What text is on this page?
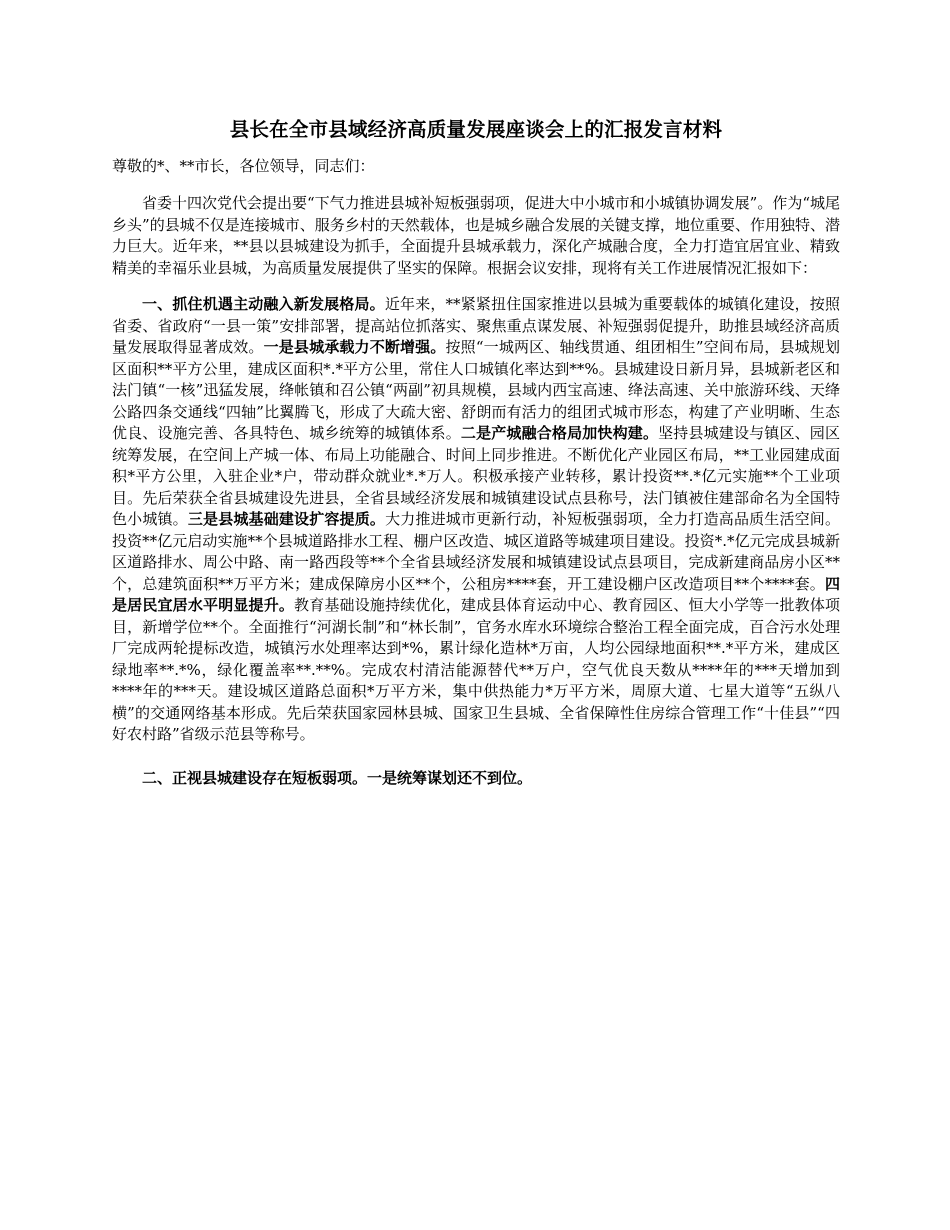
县长在全市县域经济高质量发展座谈会上的汇报发言材料

尊敬的*、**市长，各位领导，同志们：

省委十四次党代会提出要“下气力推进县城补短板强弱项，促进大中小城市和小城镇协调发展”。作为“城尾乡头”的县城不仅是连接城市、服务乡村的天然载体，也是城乡融合发展的关键支撑，地位重要、作用独特、潜力巨大。近年来，**县以县城建设为抓手，全面提升县城承载力，深化产城融合度，全力打造宜居宜业、精致精美的幸福乐业县城，为高质量发展提供了坚实的保障。根据会议安排，现将有关工作进展情况汇报如下：

一、抓住机遇主动融入新发展格局。近年来，**紧紧扭住国家推进以县城为重要载体的城镇化建设，按照省委、省政府“一县一策”安排部署，提高站位抓落实、聚焦重点谋发展、补短强弱促提升，助推县域经济高质量发展取得显著成效。一是县城承载力不断增强。按照“一城两区、轴线贯通、组团相生”空间布局，县城规划区面积**平方公里，建成区面积*.*平方公里，常住人口城镇化率达到**%。县城建设日新月异，县城新老区和法门镇“一核”迅猛发展，绛帐镇和召公镇“两副”初具规模，县域内西宝高速、绛法高速、关中旅游环线、天绛公路四条交通线“四轴”比翼腾飞，形成了大疏大密、舒朗而有活力的组团式城市形态，构建了产业明晰、生态优良、设施完善、各具特色、城乡统筹的城镇体系。二是产城融合格局加快构建。坚持县城建设与镇区、园区统筹发展，在空间上产城一体、布局上功能融合、时间上同步推进。不断优化产业园区布局，**工业园建成面积*平方公里，入驻企业*户，带动群众就业*.*万人。积极承接产业转移，累计投资**.*亿元实施**个工业项目。先后荣获全省县城建设先进县，全省县域经济发展和城镇建设试点县称号，法门镇被住建部命名为全国特色小城镇。三是县城基础建设扩容提质。大力推进城市更新行动，补短板强弱项，全力打造高品质生活空间。投资**亿元启动实施**个县城道路排水工程、棚户区改造、城区道路等城建项目建设。投资*.*亿元完成县城新区道路排水、周公中路、南一路西段等**个全省县域经济发展和城镇建设试点县项目，完成新建商品房小区**个，总建筑面积**万平方米；建成保障房小区**个，公租房****套，开工建设棚户区改造项目**个****套。四是居民宜居水平明显提升。教育基础设施持续优化，建成县体育运动中心、教育园区、恒大小学等一批教体项目，新增学位**个。全面推行“河湖长制”和“林长制”，官务水库水环境综合整治工程全面完成，百合污水处理厂完成两轮提标改造，城镇污水处理率达到*%，累计绿化造林*万亩，人均公园绿地面积**.*平方米，建成区绿地率**.*%，绿化覆盖率**.**%。完成农村清洁能源替代**万户，空气优良天数从****年的***天增加到****年的***天。建设城区道路总面积*万平方米，集中供热能力*万平方米，周原大道、七星大道等“五纵八横”的交通网络基本形成。先后荣获国家园林县城、国家卫生县城、全省保障性住房综合管理工作“十佳县”“四好农村路”省级示范县等称号。

二、正视县城建设存在短板弱项。一是统筹谋划还不到位。
